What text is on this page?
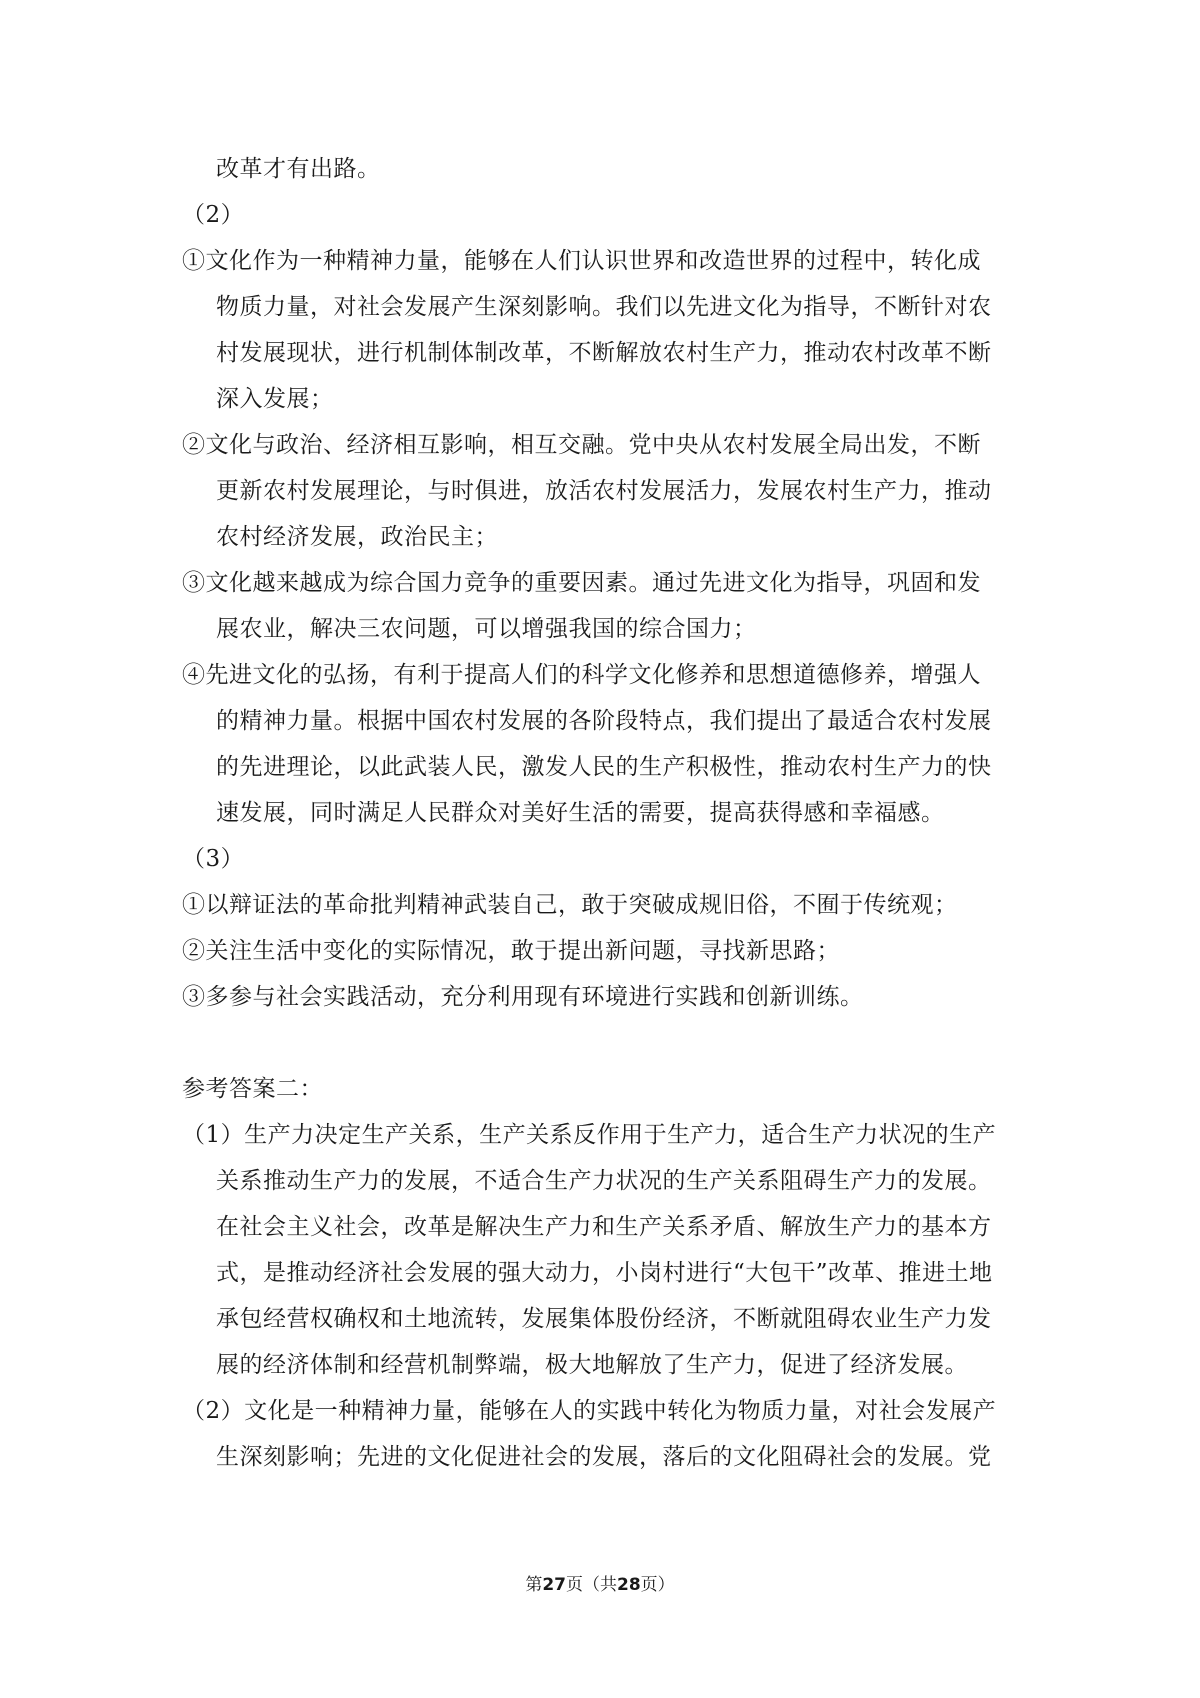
改革才有出路。
（2）
①文化作为一种精神力量，能够在人们认识世界和改造世界的过程中，转化成
物质力量，对社会发展产生深刻影响。我们以先进文化为指导，不断针对农
村发展现状，进行机制体制改革，不断解放农村生产力，推动农村改革不断
深入发展；
②文化与政治、经济相互影响，相互交融。党中央从农村发展全局出发，不断
更新农村发展理论，与时俱进，放活农村发展活力，发展农村生产力，推动
农村经济发展，政治民主；
③文化越来越成为综合国力竞争的重要因素。通过先进文化为指导，巩固和发
展农业，解决三农问题，可以增强我国的综合国力；
④先进文化的弘扬，有利于提高人们的科学文化修养和思想道德修养，增强人
的精神力量。根据中国农村发展的各阶段特点，我们提出了最适合农村发展
的先进理论，以此武装人民，激发人民的生产积极性，推动农村生产力的快
速发展，同时满足人民群众对美好生活的需要，提高获得感和幸福感。
（3）
①以辩证法的革命批判精神武装自己，敢于突破成规旧俗，不囿于传统观；
②关注生活中变化的实际情况，敢于提出新问题，寻找新思路；
③多参与社会实践活动，充分利用现有环境进行实践和创新训练。
参考答案二：
（1）生产力决定生产关系，生产关系反作用于生产力，适合生产力状况的生产
关系推动生产力的发展，不适合生产力状况的生产关系阻碍生产力的发展。
在社会主义社会，改革是解决生产力和生产关系矛盾、解放生产力的基本方
式，是推动经济社会发展的强大动力，小岗村进行“大包干”改革、推进土地
承包经营权确权和土地流转，发展集体股份经济，不断就阻碍农业生产力发
展的经济体制和经营机制弊端，极大地解放了生产力，促进了经济发展。
（2）文化是一种精神力量，能够在人的实践中转化为物质力量，对社会发展产
生深刻影响；先进的文化促进社会的发展，落后的文化阻碍社会的发展。党
第27页（共28页）
